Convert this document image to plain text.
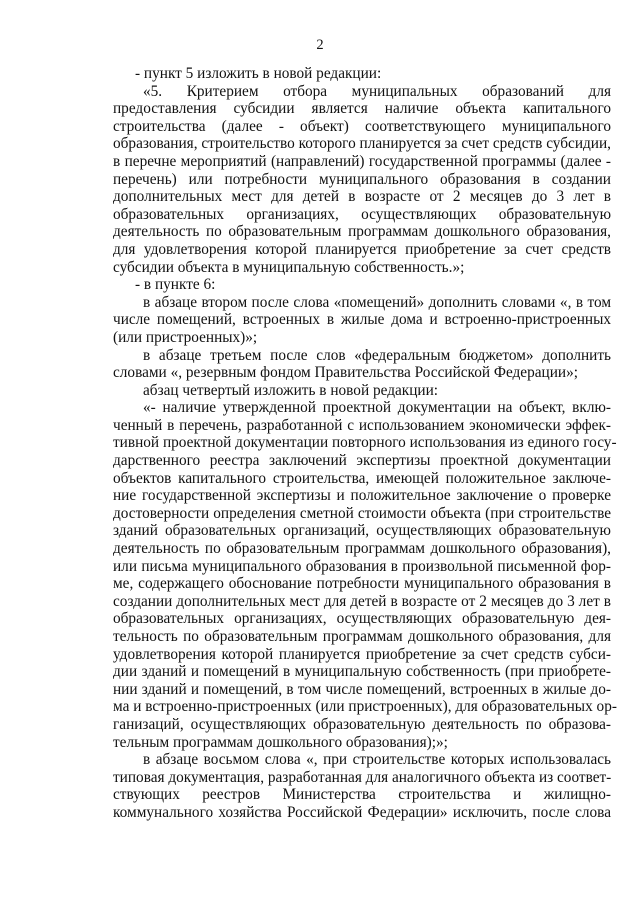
2
- пункт 5 изложить в новой редакции:
«5. Критерием отбора муниципальных образований для
предоставления субсидии является наличие объекта капитального
строительства (далее - объект) соответствующего муниципального
образования, строительство которого планируется за счет средств субсидии,
в перечне мероприятий (направлений) государственной программы (далее -
перечень) или потребности муниципального образования в создании
дополнительных мест для детей в возрасте от 2 месяцев до 3 лет в
образовательных организациях, осуществляющих образовательную
деятельность по образовательным программам дошкольного образования,
для удовлетворения которой планируется приобретение за счет средств
субсидии объекта в муниципальную собственность.»;
- в пункте 6:
в абзаце втором после слова «помещений» дополнить словами «, в том
числе помещений, встроенных в жилые дома и встроенно-пристроенных
(или пристроенных)»;
в абзаце третьем после слов «федеральным бюджетом» дополнить
словами «, резервным фондом Правительства Российской Федерации»;
абзац четвертый изложить в новой редакции:
«- наличие утвержденной проектной документации на объект, вклю-
ченный в перечень, разработанной с использованием экономически эффек-
тивной проектной документации повторного использования из единого госу-
дарственного реестра заключений экспертизы проектной документации
объектов капитального строительства, имеющей положительное заключе-
ние государственной экспертизы и положительное заключение о проверке
достоверности определения сметной стоимости объекта (при строительстве
зданий образовательных организаций, осуществляющих образовательную
деятельность по образовательным программам дошкольного образования),
или письма муниципального образования в произвольной письменной фор-
ме, содержащего обоснование потребности муниципального образования в
создании дополнительных мест для детей в возрасте от 2 месяцев до 3 лет в
образовательных организациях, осуществляющих образовательную дея-
тельность по образовательным программам дошкольного образования, для
удовлетворения которой планируется приобретение за счет средств субси-
дии зданий и помещений в муниципальную собственность (при приобрете-
нии зданий и помещений, в том числе помещений, встроенных в жилые до-
ма и встроенно-пристроенных (или пристроенных), для образовательных ор-
ганизаций, осуществляющих образовательную деятельность по образова-
тельным программам дошкольного образования);»;
в абзаце восьмом слова «, при строительстве которых использовалась
типовая документация, разработанная для аналогичного объекта из соответ-
ствующих реестров Министерства строительства и жилищно-
коммунального хозяйства Российской Федерации» исключить, после слова
